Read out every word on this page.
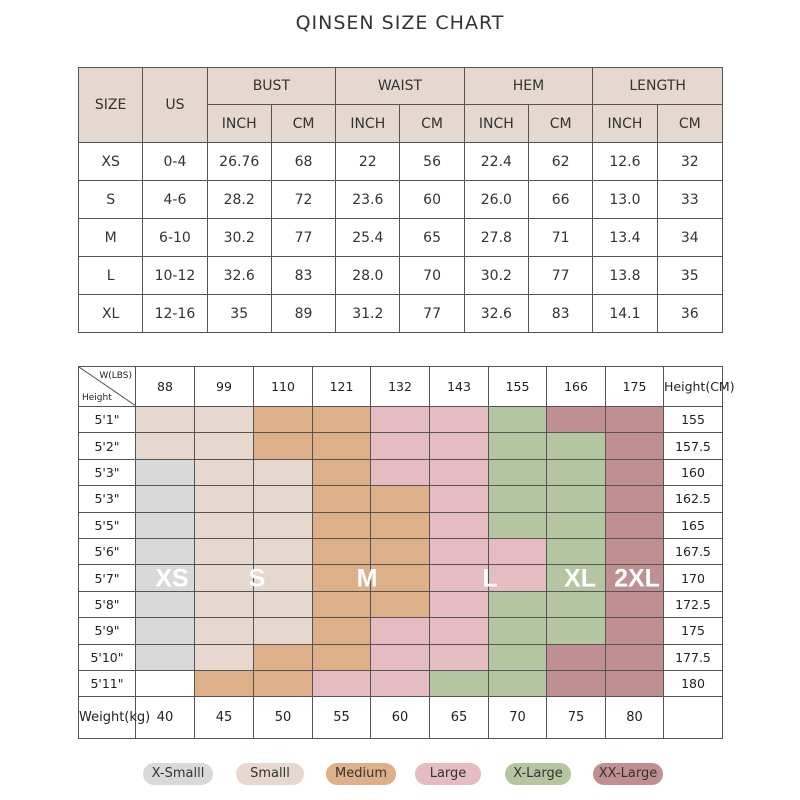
QINSEN SIZE CHART
SIZE	US	BUST		WAIST		HEM		LENGTH	
		INCH	CM	INCH	CM	INCH	CM	INCH	CM
XS	0-4	26.76	68	22	56	22.4	62	12.6	32
S	4-6	28.2	72	23.6	60	26.0	66	13.0	33
M	6-10	30.2	77	25.4	65	27.8	71	13.4	34
L	10-12	32.6	83	28.0	70	30.2	77	13.8	35
XL	12-16	35	89	31.2	77	32.6	83	14.1	36
W(LBS)
Height	88	99	110	121	132	143	155	166	175	Height(CM)
5'1"										155
5'2"										157.5
5'3"										160
5'3"										162.5
5'5"										165
5'6"										167.5
5'7"										170
5'8"										172.5
5'9"										175
5'10"										177.5
5'11"										180
Weight(kg)	40	45	50	55	60	65	70	75	80	
XS S	M	L	XL 2XL
X-Smalll	Smalll	Medium	Large	X-Large	XX-Large
